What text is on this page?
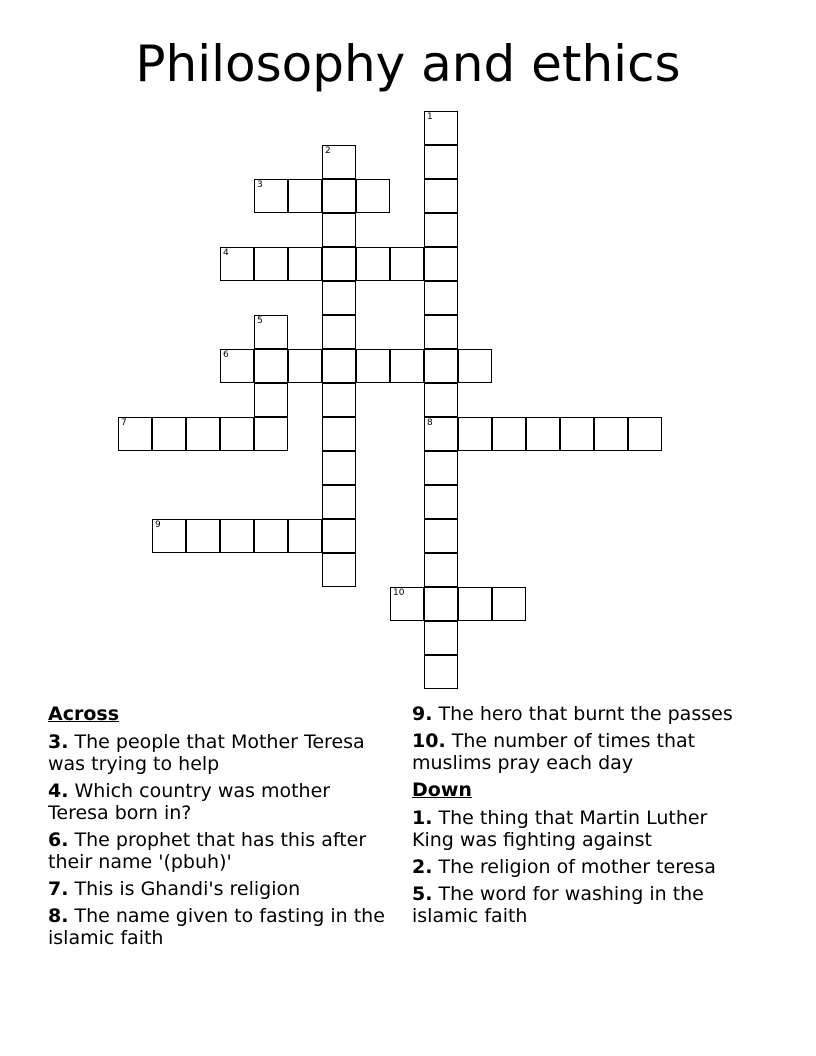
Philosophy and ethics
1
8
2
3
4
5
6
7
9
10
Across
3. The people that Mother Teresa was trying to help
4. Which country was mother Teresa born in?
6. The prophet that has this after their name '(pbuh)'
7. This is Ghandi's religion
8. The name given to fasting in the islamic faith
9. The hero that burnt the passes
10. The number of times that muslims pray each day
Down
1. The thing that Martin Luther King was fighting against
2. The religion of mother teresa
5. The word for washing in the islamic faith
